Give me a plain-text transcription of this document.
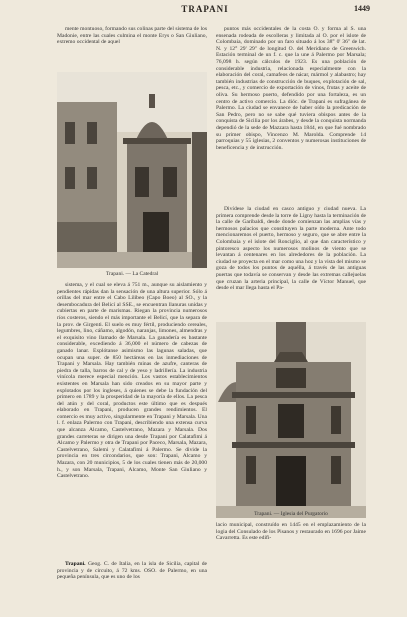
TRAPANI	1449

mente montuoso, formando sus colinas parte del sistema de los Madonie, entre las cuales culmina el monte Erys o San Giuliano, extremo occidental de aquel

Trapani. — La Catedral

sistema, y el cual se eleva á 751 m., aunque su aislamiento y pendientes rápidas dan la sensación de una altura superior. Sólo á orillas del mar entre el Cabo Lilibeo (Capo Boeo) al SO., y la desembocadura del Belicí al SSE., se encuentran llanuras unidas y cubiertas en parte de marismas. Riegan la provincia numerosos ríos costeros, siendo el más importante el Belicí, que la separa de la prov. de Girgenti. El suelo es muy fértil, produciendo cereales, legumbres, lino, cáñamo, algodón, naranjas, limones, almendras y el exquisito vino llamado de Marsala. La ganadería es bastante considerable, excediendo á 36,000 el número de cabezas de ganado lanar. Explótanse asimismo las lagunas saladas, que ocupan una super. de 850 hectáreas en las inmediaciones de Trapani y Marsala. Hay también minas de azufre, canteras de piedra de talla, barros de cal y de yeso y ladrillería. La industria vinícola merece especial mención. Los vastos establecimientos existentes en Marsala han sido creados en su mayor parte y explotados por los ingleses, á quienes se debe la fundación del primero en 1789 y la prosperidad de la mayoría de ellos. La pesca del atún y del coral, productos este último que es después elaborado en Trapani, producen grandes rendimientos. El comercio es muy activo, singularmente en Trapani y Marsala. Una l. f. enlaza Palermo con Trapani, describiendo una extensa curva que alcanza Alcamo, Castelvetrano, Mazara y Marsala. Dos grandes carreteras se dirigen una desde Trapani por Calatafimi á Alcamo y Palermo y otra de Trapani por Paceco, Marsala, Mazara, Castelvetrano, Salemi y Calatafimi á Palermo. Se divide la provincia en tres circondarios, que son: Trapani, Alcamo y Mazara, con 20 municipios, 5 de los cuales tienen más de 20,000 h., y son Marsala, Trapani, Alcamo, Monte San Giuliano y Castelvetrano.

Trapani. Geog. C. de Italia, en la isla de Sicilia, capital de provincia y de circuito, á 72 kms. OSO. de Palermo, en una pequeña península, que es uno de los

puntos más occidentales de la costa O. y forma al S. una ensenada rodeada de escolleras y limitada al O. por el islote de Colombaia, dominado por un faro situado á los 38° 0' 36'' de lat. N. y 12° 29' 29'' de longitud O. del Meridiano de Greenwich. Estación terminal de un f. c. que la une á Palermo por Marsala; 76,098 h. según cálculos de 1923. Es una población de considerable industria, relacionada especialmente con la elaboración del coral, camafeos de nácar, mármol y alabastro; hay también industrias de construcción de buques, explotación de sal, pesca, etc., y comercio de exportación de vinos, frutas y aceite de oliva. Su hermoso puerto, defendido por una fortaleza, es un centro de activo comercio. La dióc. de Trapani es sufragánea de Palermo. La ciudad se envanece de haber oído la predicación de San Pedro, pero no se sabe qué tuviera obispos antes de la conquista de Sicilia por los árabes, y desde la conquista normanda dependió de la sede de Mazzara hasta 1844, en que fué nombrado su primer obispo, Vincenzo M. Marolda. Comprende 14 parroquias y 55 iglesias, 2 conventos y numerosas instituciones de beneficencia y de instrucción.

Divídese la ciudad en casco antiguo y ciudad nueva. La primera comprende desde la torre de Ligny hasta la terminación de la calle de Garibaldi, desde donde comienzan las amplias vías y hermosos palacios que constituyen la parte moderna. Ante todo mencionaremos el puerto, hermoso y seguro, que se abre entre la Colombaia y el islote del Ronciglio, al que dan característico y pintoresco aspecto los numerosos molinos de viento que se levantan á centenares en los alrededores de la población. La ciudad se proyecta en el mar como una hoz y la vista del mismo se goza de todos los puntos de aquélla, á través de las antiguas puertas que todavía se conservan y desde las extremas callejuelas que cruzan la arteria principal, la calle de Víctor Manuel, que desde el mar llega hasta el Pa-

Trapani. — Iglesia del Purgatorio

lacio municipal, construído en 1445 en el emplazamiento de la logia del Consulado de los Pisanos y restaurado en 1696 por Jaime Cavarretta. Es este edifi-
